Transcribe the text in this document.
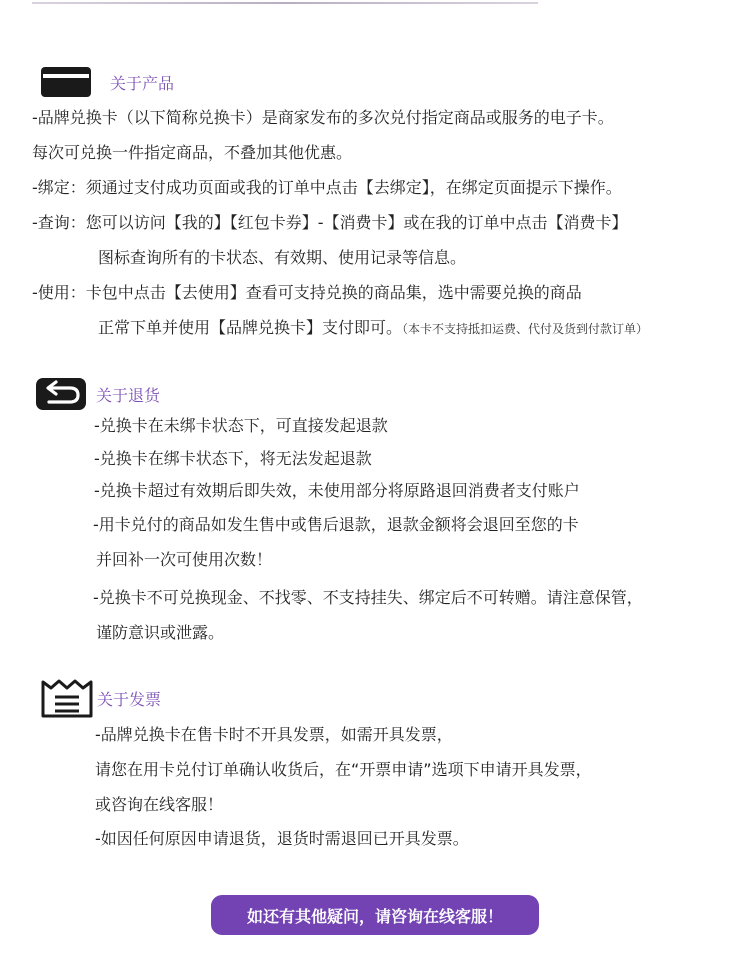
关于产品
-品牌兑换卡（以下简称兑换卡）是商家发布的多次兑付指定商品或服务的电子卡。
每次可兑换一件指定商品，不叠加其他优惠。
-绑定：须通过支付成功页面或我的订单中点击【去绑定】，在绑定页面提示下操作。
-查询：您可以访问【我的】【红包卡券】-【消费卡】或在我的订单中点击【消费卡】
图标查询所有的卡状态、有效期、使用记录等信息。
-使用：卡包中点击【去使用】查看可支持兑换的商品集，选中需要兑换的商品
正常下单并使用【品牌兑换卡】支付即可。（本卡不支持抵扣运费、代付及货到付款订单）
关于退货
-兑换卡在未绑卡状态下，可直接发起退款
-兑换卡在绑卡状态下，将无法发起退款
-兑换卡超过有效期后即失效，未使用部分将原路退回消费者支付账户
-用卡兑付的商品如发生售中或售后退款，退款金额将会退回至您的卡
并回补一次可使用次数！
-兑换卡不可兑换现金、不找零、不支持挂失、绑定后不可转赠。请注意保管，
谨防意识或泄露。
关于发票
-品牌兑换卡在售卡时不开具发票，如需开具发票，
请您在用卡兑付订单确认收货后，在“开票申请”选项下申请开具发票，
或咨询在线客服！
-如因任何原因申请退货，退货时需退回已开具发票。
如还有其他疑问，请咨询在线客服！
